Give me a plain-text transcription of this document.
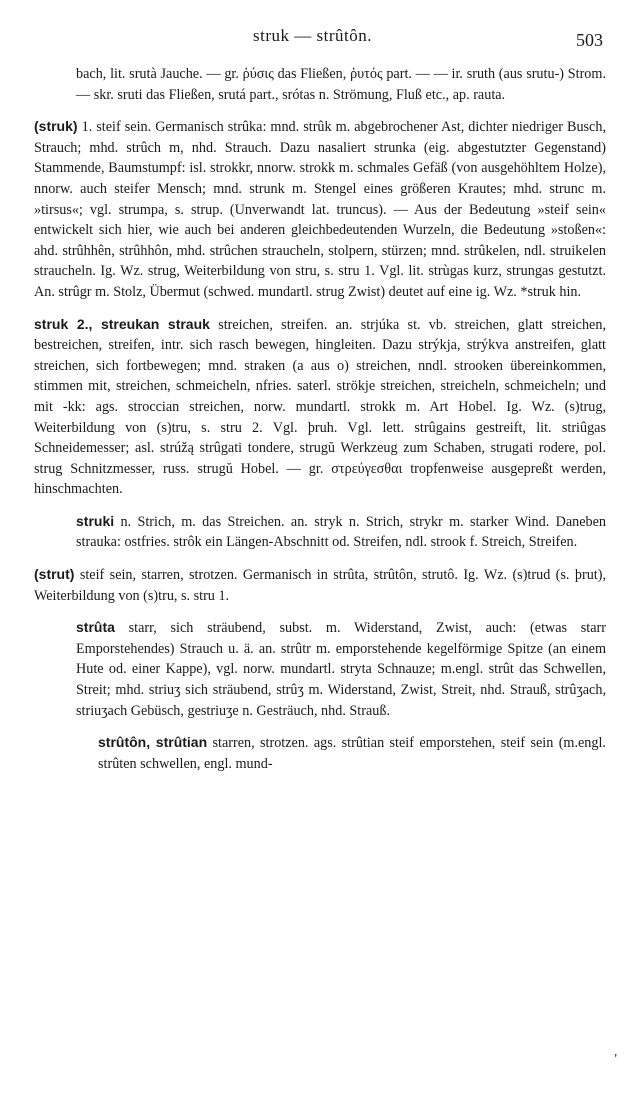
struk — strûtôn.	503
bach, lit. srutà Jauche. — gr. ῥύσις das Fließen, ῥυτός part. — — ir. sruth (aus srutu-) Strom. — skr. sruti das Fließen, srutá part., srótas n. Strömung, Fluß etc., ap. rauta.
(struk) 1. steif sein. Germanisch strûka: mnd. strûk m. abgebrochener Ast, dichter niedriger Busch, Strauch; mhd. strûch m, nhd. Strauch. Dazu nasaliert strunka (eig. abgestutzter Gegenstand) Stammende, Baumstumpf: isl. strokkr, nnorw. strokk m. schmales Gefäß (von ausgehöhltem Holze), nnorw. auch steifer Mensch; mnd. strunk m. Stengel eines größeren Krautes; mhd. strunc m. »tirsus«; vgl. strumpa, s. strup. (Unverwandt lat. truncus). — Aus der Bedeutung »steif sein« entwickelt sich hier, wie auch bei anderen gleichbedeutenden Wurzeln, die Bedeutung »stoßen«: ahd. strûhhên, strûhhôn, mhd. strûchen straucheln, stolpern, stürzen; mnd. strûkelen, ndl. struikelen straucheln. Ig. Wz. strug, Weiterbildung von stru, s. stru 1. Vgl. lit. strùgas kurz, strungas gestutzt. An. strûgr m. Stolz, Übermut (schwed. mundartl. strug Zwist) deutet auf eine ig. Wz. *struk hin.
struk 2., streukan strauk streichen, streifen. an. strjúka st. vb. streichen, glatt streichen, bestreichen, streifen, intr. sich rasch bewegen, hingleiten. Dazu strýkja, strýkva anstreifen, glatt streichen, sich fortbewegen; mnd. straken (a aus o) streichen, nndl. strooken übereinkommen, stimmen mit, streichen, schmeicheln, nfries. saterl. strökje streichen, streicheln, schmeicheln; und mit -kk: ags. stroccian streichen, norw. mundartl. strokk m. Art Hobel. Ig. Wz. (s)trug, Weiterbildung von (s)tru, s. stru 2. Vgl. þruh. Vgl. lett. strûgains gestreift, lit. striûgas Schneidemesser; asl. strúžą strûgati tondere, strugŭ Werkzeug zum Schaben, strugati rodere, pol. strug Schnitzmesser, russ. strugŭ Hobel. — gr. στρεύγεσθαι tropfenweise ausgepreßt werden, hinschmachten.
struki n. Strich, m. das Streichen. an. stryk n. Strich, strykr m. starker Wind. Daneben strauka: ostfries. strôk ein Längen-Abschnitt od. Streifen, ndl. strook f. Streich, Streifen.
(strut) steif sein, starren, strotzen. Germanisch in strûta, strûtôn, strutô. Ig. Wz. (s)trud (s. þrut), Weiterbildung von (s)tru, s. stru 1.
strûta starr, sich sträubend, subst. m. Widerstand, Zwist, auch: (etwas starr Emporstehendes) Strauch u. ä. an. strûtr m. emporstehende kegelförmige Spitze (an einem Hute od. einer Kappe), vgl. norw. mundartl. stryta Schnauze; m.engl. strût das Schwellen, Streit; mhd. striuʒ sich sträubend, strûʒ m. Widerstand, Zwist, Streit, nhd. Strauß, strûʒach, striuʒach Gebüsch, gestriuʒe n. Gesträuch, nhd. Strauß.
strûtôn, strûtian starren, strotzen. ags. strûtian steif emporstehen, steif sein (m.engl. strûten schwellen, engl. mund-
'
